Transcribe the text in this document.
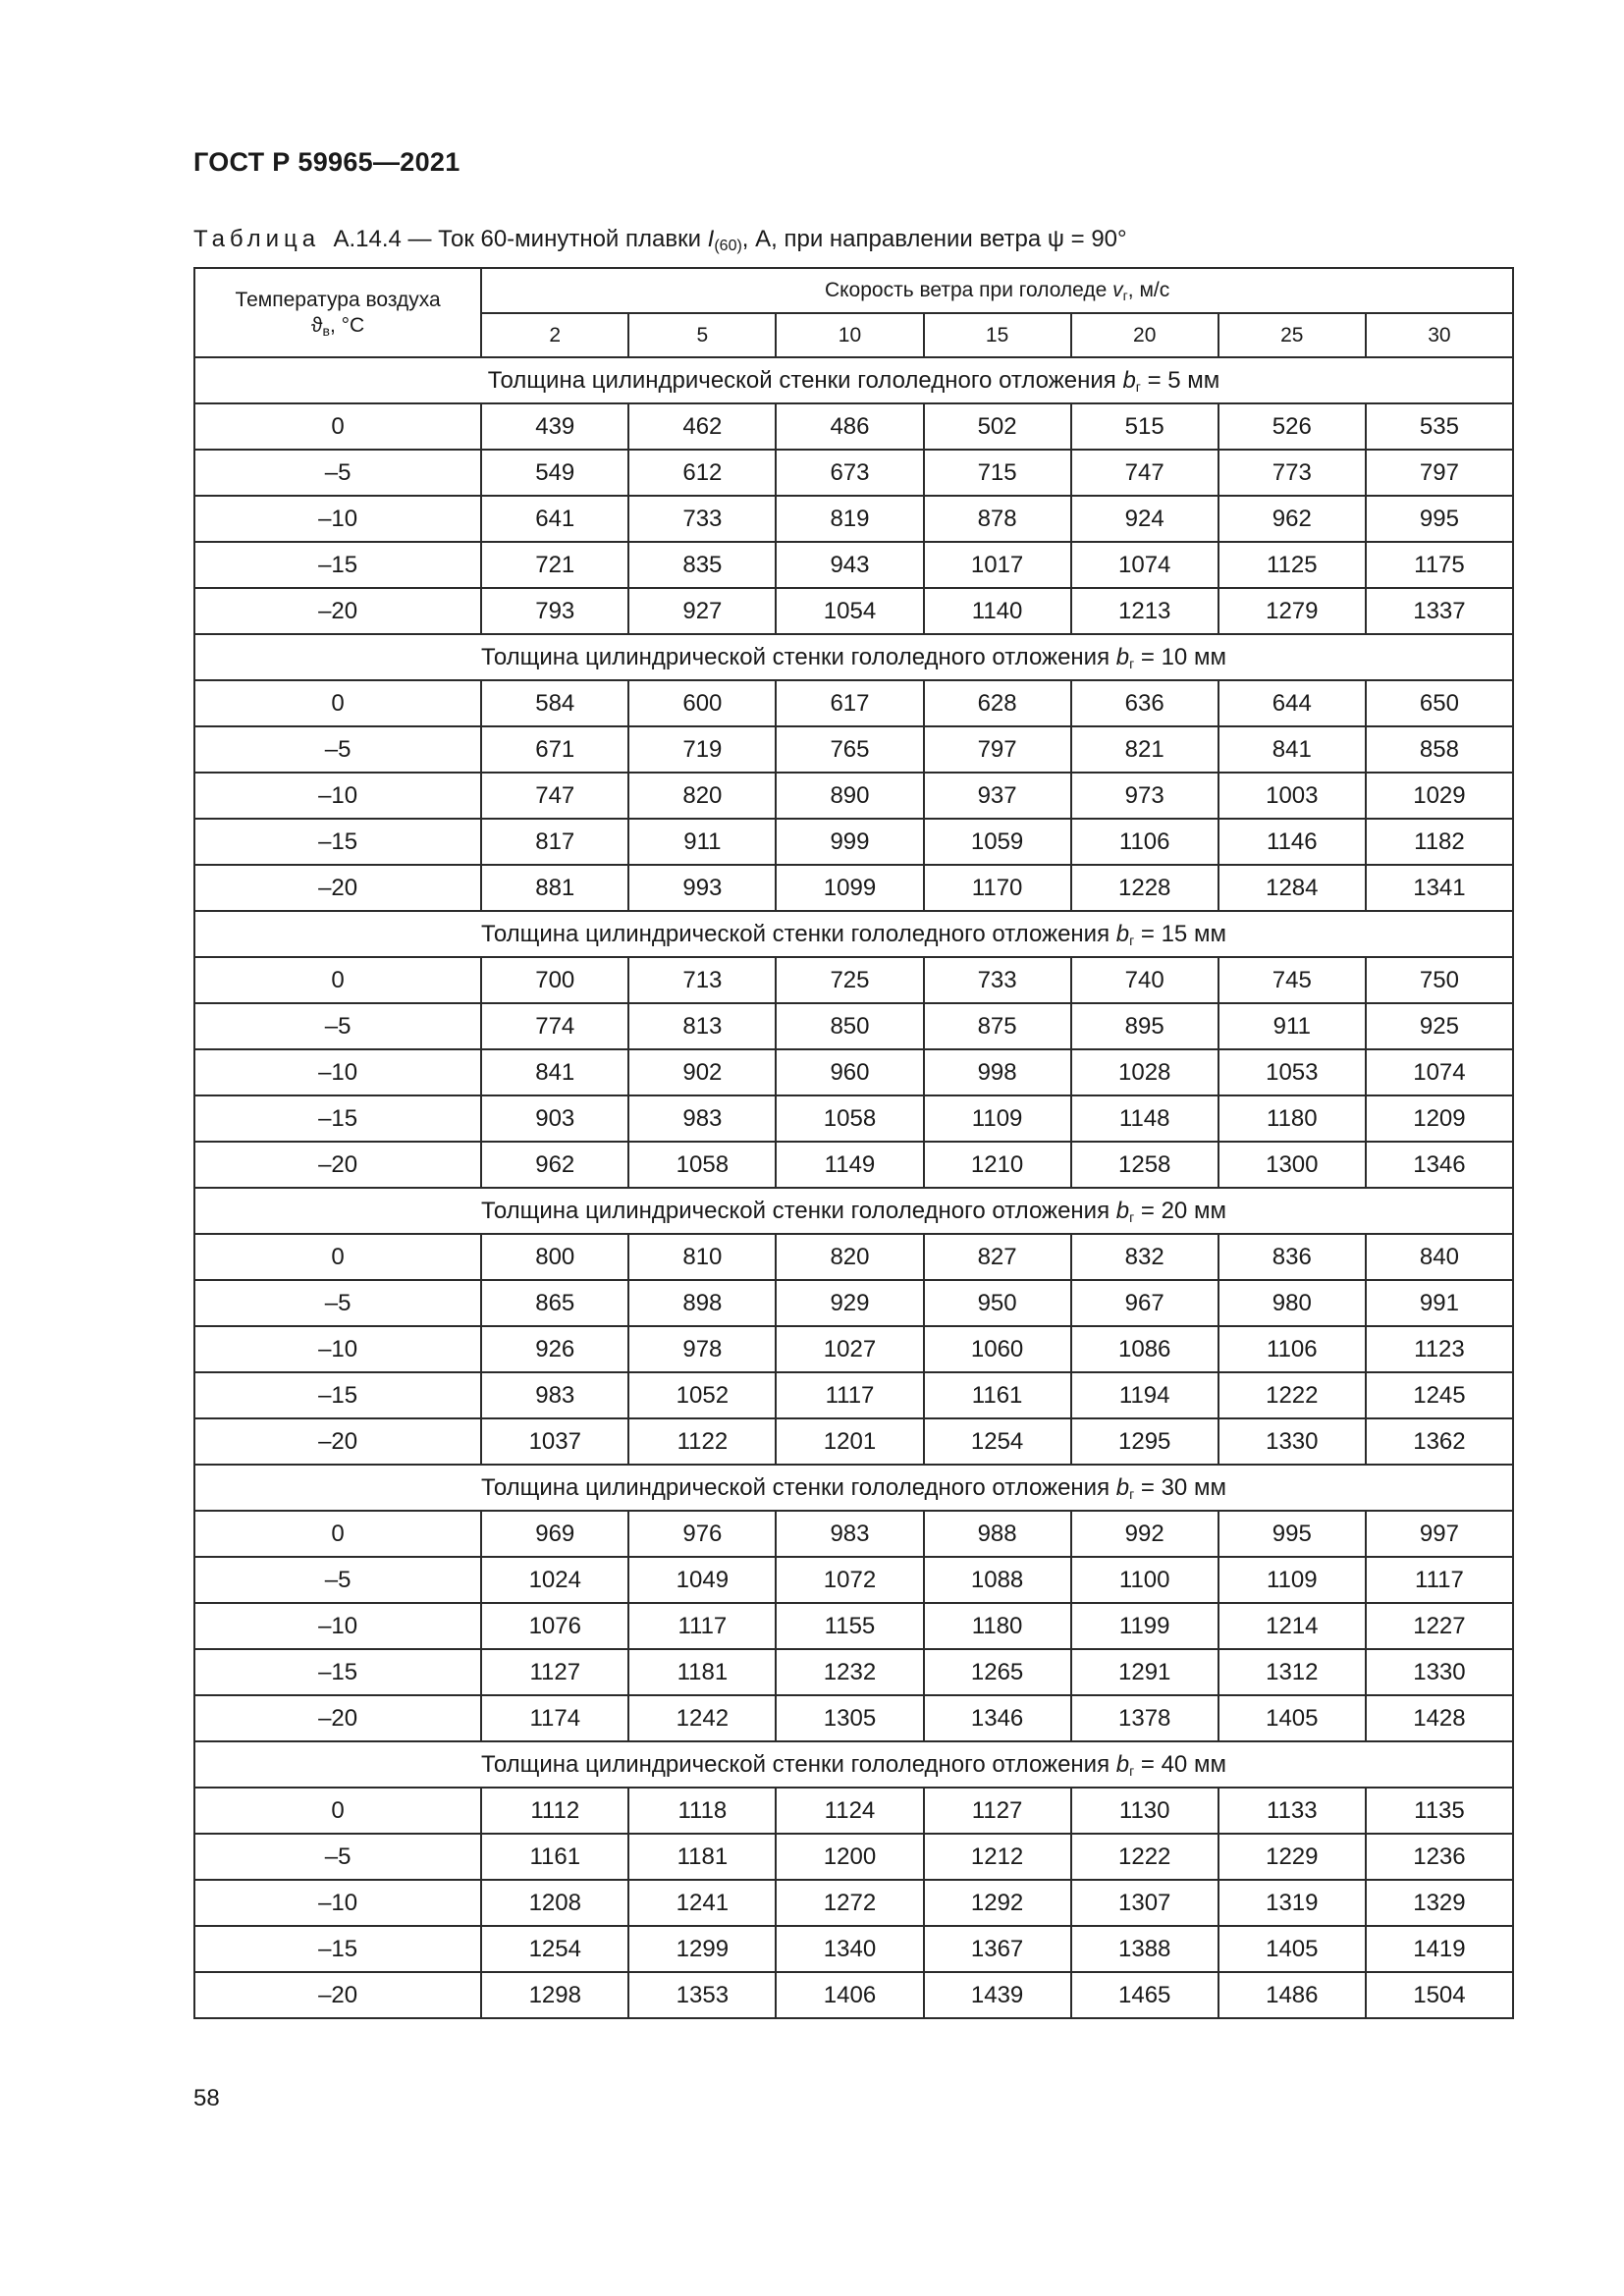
ГОСТ Р 59965—2021
Таблица А.14.4 — Ток 60-минутной плавки $I_{(60)}$, А, при направлении ветра ψ = 90°
Температура воздуха
$ϑ_в$, °С	Скорость ветра при гололеде $v_г$, м/с						
	2	5	10	15	20	25	30
Толщина цилиндрической стенки гололедного отложения $b_г = 5$ мм							
0	439	462	486	502	515	526	535
–5	549	612	673	715	747	773	797
–10	641	733	819	878	924	962	995
–15	721	835	943	1017	1074	1125	1175
–20	793	927	1054	1140	1213	1279	1337
Толщина цилиндрической стенки гололедного отложения $b_г = 10$ мм							
0	584	600	617	628	636	644	650
–5	671	719	765	797	821	841	858
–10	747	820	890	937	973	1003	1029
–15	817	911	999	1059	1106	1146	1182
–20	881	993	1099	1170	1228	1284	1341
Толщина цилиндрической стенки гололедного отложения $b_г = 15$ мм							
0	700	713	725	733	740	745	750
–5	774	813	850	875	895	911	925
–10	841	902	960	998	1028	1053	1074
–15	903	983	1058	1109	1148	1180	1209
–20	962	1058	1149	1210	1258	1300	1346
Толщина цилиндрической стенки гололедного отложения $b_г = 20$ мм							
0	800	810	820	827	832	836	840
–5	865	898	929	950	967	980	991
–10	926	978	1027	1060	1086	1106	1123
–15	983	1052	1117	1161	1194	1222	1245
–20	1037	1122	1201	1254	1295	1330	1362
Толщина цилиндрической стенки гололедного отложения $b_г = 30$ мм							
0	969	976	983	988	992	995	997
–5	1024	1049	1072	1088	1100	1109	1117
–10	1076	1117	1155	1180	1199	1214	1227
–15	1127	1181	1232	1265	1291	1312	1330
–20	1174	1242	1305	1346	1378	1405	1428
Толщина цилиндрической стенки гололедного отложения $b_г = 40$ мм							
0	1112	1118	1124	1127	1130	1133	1135
–5	1161	1181	1200	1212	1222	1229	1236
–10	1208	1241	1272	1292	1307	1319	1329
–15	1254	1299	1340	1367	1388	1405	1419
–20	1298	1353	1406	1439	1465	1486	1504
58
